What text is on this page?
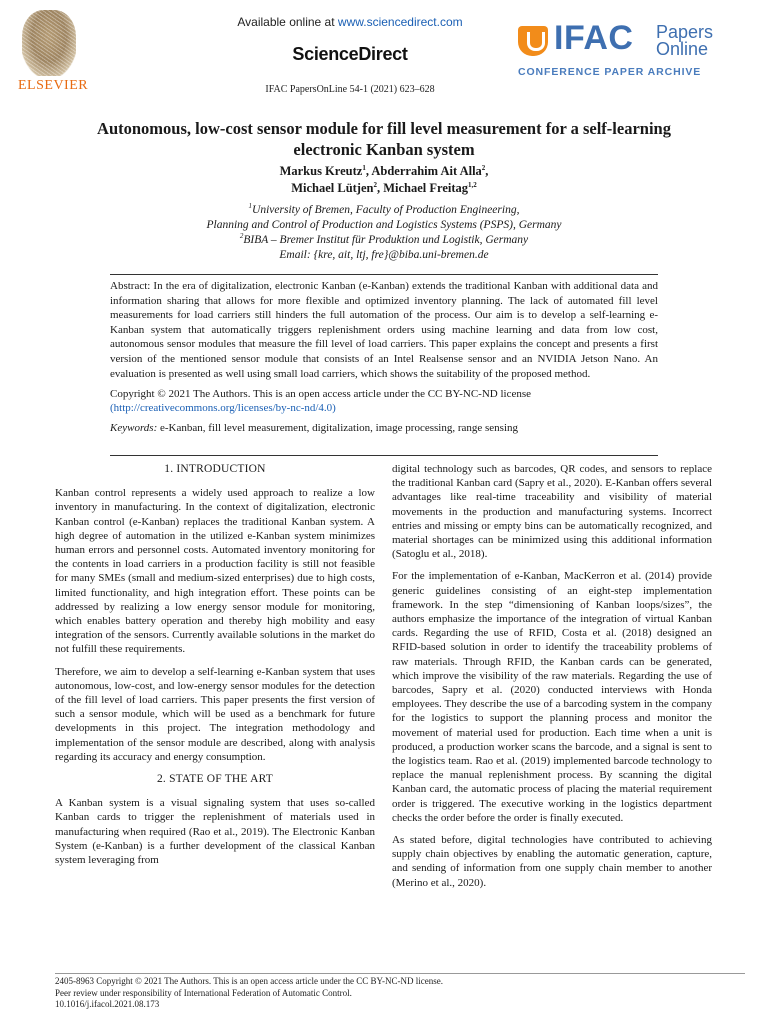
ELSEVIER
Available online at www.sciencedirect.com
ScienceDirect
IFAC PapersOnLine 54-1 (2021) 623–628
IFAC Papers
Online
CONFERENCE PAPER ARCHIVE
Autonomous, low-cost sensor module for fill level measurement for a self-learning
electronic Kanban system
Markus Kreutz$^1$, Abderrahim Ait Alla$^2$,
Michael Lütjen$^2$, Michael Freitag$^{1,2}$
$^1$University of Bremen, Faculty of Production Engineering,
Planning and Control of Production and Logistics Systems (PSPS), Germany
$^2$BIBA – Bremer Institut für Produktion und Logistik, Germany
Email: {kre, ait, ltj, fre}@biba.uni-bremen.de
Abstract: In the era of digitalization, electronic Kanban (e-Kanban) extends the traditional Kanban with additional data and information sharing that allows for more flexible and optimized inventory planning. The lack of automated fill level measurements for load carriers still hinders the full automation of the process. Our aim is to develop a self-learning e-Kanban system that automatically triggers replenishment orders using machine learning and data from low cost, autonomous sensor modules that measure the fill level of load carriers. This paper explains the concept and presents a first version of the mentioned sensor module that consists of an Intel Realsense sensor and an NVIDIA Jetson Nano. An evaluation is presented as well using small load carriers, which shows the suitability of the proposed method.
Copyright © 2021 The Authors. This is an open access article under the CC BY-NC-ND license
(http://creativecommons.org/licenses/by-nc-nd/4.0)
Keywords: e-Kanban, fill level measurement, digitalization, image processing, range sensing
1. INTRODUCTION

Kanban control represents a widely used approach to realize a low inventory in manufacturing. In the context of digitalization, electronic Kanban control (e-Kanban) replaces the traditional Kanban system. A high degree of automation in the utilized e-Kanban system minimizes human errors and personnel costs. Automated inventory monitoring for the contents in load carriers in a production facility is still not feasible for many SMEs (small and medium-sized enterprises) due to high costs, limited functionality, and high integration effort. These points can be addressed by realizing a low energy sensor module for monitoring, which enables battery operation and thereby high mobility and easy integration of the sensors. Currently available solutions in the market do not fulfill these requirements.

Therefore, we aim to develop a self-learning e-Kanban system that uses autonomous, low-cost, and low-energy sensor modules for the detection of the fill level of load carriers. This paper presents the first version of such a sensor module, which will be used as a benchmark for future developments in this project. The integration methodology and implementation of the sensor module are described, along with analysis regarding its accuracy and energy consumption.

2. STATE OF THE ART

A Kanban system is a visual signaling system that uses so-called Kanban cards to trigger the replenishment of materials used in manufacturing when required (Rao et al., 2019). The Electronic Kanban System (e-Kanban) is a further development of the classical Kanban system leveraging from

digital technology such as barcodes, QR codes, and sensors to replace the traditional Kanban card (Sapry et al., 2020). E-Kanban offers several advantages like real-time traceability and visibility of material movements in the production and manufacturing systems. Incorrect entries and missing or empty bins can be automatically recognized, and material shortages can be minimized using this additional information (Satoglu et al., 2018).

For the implementation of e-Kanban, MacKerron et al. (2014) provide generic guidelines consisting of an eight-step implementation framework. In the step “dimensioning of Kanban loops/sizes”, the authors emphasize the importance of the integration of virtual Kanban cards. Regarding the use of RFID, Costa et al. (2018) designed an RFID-based solution in order to identify the traceability problems of raw materials. Through RFID, the Kanban cards can be generated, which improve the visibility of the raw materials. Regarding the use of barcodes, Sapry et al. (2020) conducted interviews with Honda employees. They describe the use of a barcoding system in the company for the logistics to support the planning process and monitor the movement of material used for production. Each time when a unit is produced, a production worker scans the barcode, and a signal is sent to the logistics team. Rao et al. (2019) implemented barcode technology to replace the manual replenishment process. By scanning the digital Kanban card, the automatic process of placing the material requirement order is triggered. The executive working in the logistics department checks the order before the order is finally executed.

As stated before, digital technologies have contributed to achieving supply chain objectives by enabling the automatic generation, capture, and sending of information from one supply chain member to another (Merino et al., 2020).

2405-8963 Copyright © 2021 The Authors. This is an open access article under the CC BY-NC-ND license.
Peer review under responsibility of International Federation of Automatic Control.
10.1016/j.ifacol.2021.08.173
